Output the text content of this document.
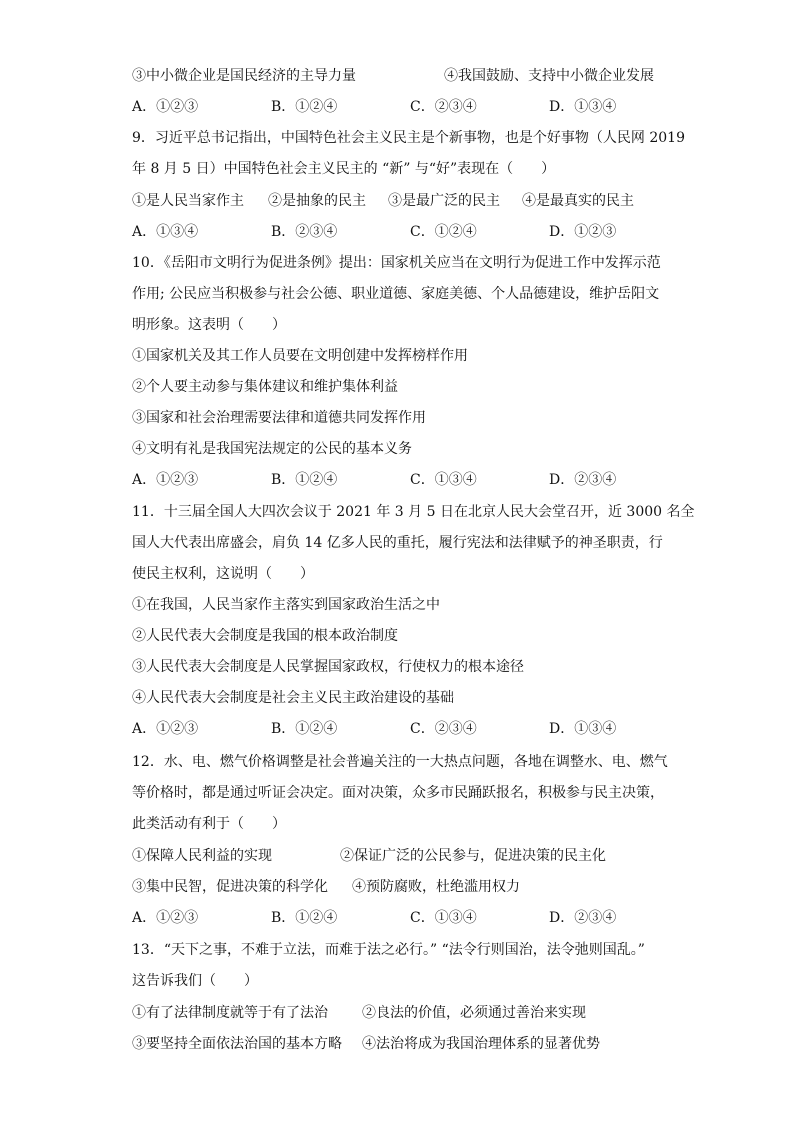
③中小微企业是国民经济的主导力量	④我国鼓励、支持中小微企业发展
A．①②③	B．①②④	C．②③④	D．①③④
9．习近平总书记指出，中国特色社会主义民主是个新事物，也是个好事物（人民网 2019
年 8 月 5 日）中国特色社会主义民主的 “新” 与“好”表现在（　　）
①是人民当家作主 ②是抽象的民主 ③是最广泛的民主 ④是最真实的民主
A．①③④	B．②③④	C．①②④	D．①②③
10．《岳阳市文明行为促进条例》提出：国家机关应当在文明行为促进工作中发挥示范
作用; 公民应当积极参与社会公德、职业道德、家庭美德、个人品德建设，维护岳阳文
明形象。这表明（　　）
①国家机关及其工作人员要在文明创建中发挥榜样作用
②个人要主动参与集体建议和维护集体利益
③国家和社会治理需要法律和道德共同发挥作用
④文明有礼是我国宪法规定的公民的基本义务
A．①②③	B．①②④	C．①③④	D．②③④
11．十三届全国人大四次会议于 2021 年 3 月 5 日在北京人民大会堂召开，近 3000 名全
国人大代表出席盛会，肩负 14 亿多人民的重托，履行宪法和法律赋予的神圣职责，行
使民主权利，这说明（　　）
①在我国，人民当家作主落实到国家政治生活之中
②人民代表大会制度是我国的根本政治制度
③人民代表大会制度是人民掌握国家政权，行使权力的根本途径
④人民代表大会制度是社会主义民主政治建设的基础
A．①②③	B．①②④	C．②③④	D．①③④
12．水、电、燃气价格调整是社会普遍关注的一大热点问题，各地在调整水、电、燃气
等价格时，都是通过听证会决定。面对决策，众多市民踊跃报名，积极参与民主决策，
此类活动有利于（　　）
①保障人民利益的实现	②保证广泛的公民参与，促进决策的民主化
③集中民智，促进决策的科学化 ④预防腐败，杜绝滥用权力
A．①②③	B．①②④	C．①③④	D．②③④
13．“天下之事，不难于立法，而难于法之必行。” “法令行则国治，法令弛则国乱。”
这告诉我们（　　）
①有了法律制度就等于有了法治 ②良法的价值，必须通过善治来实现
③要坚持全面依法治国的基本方略 ④法治将成为我国治理体系的显著优势
